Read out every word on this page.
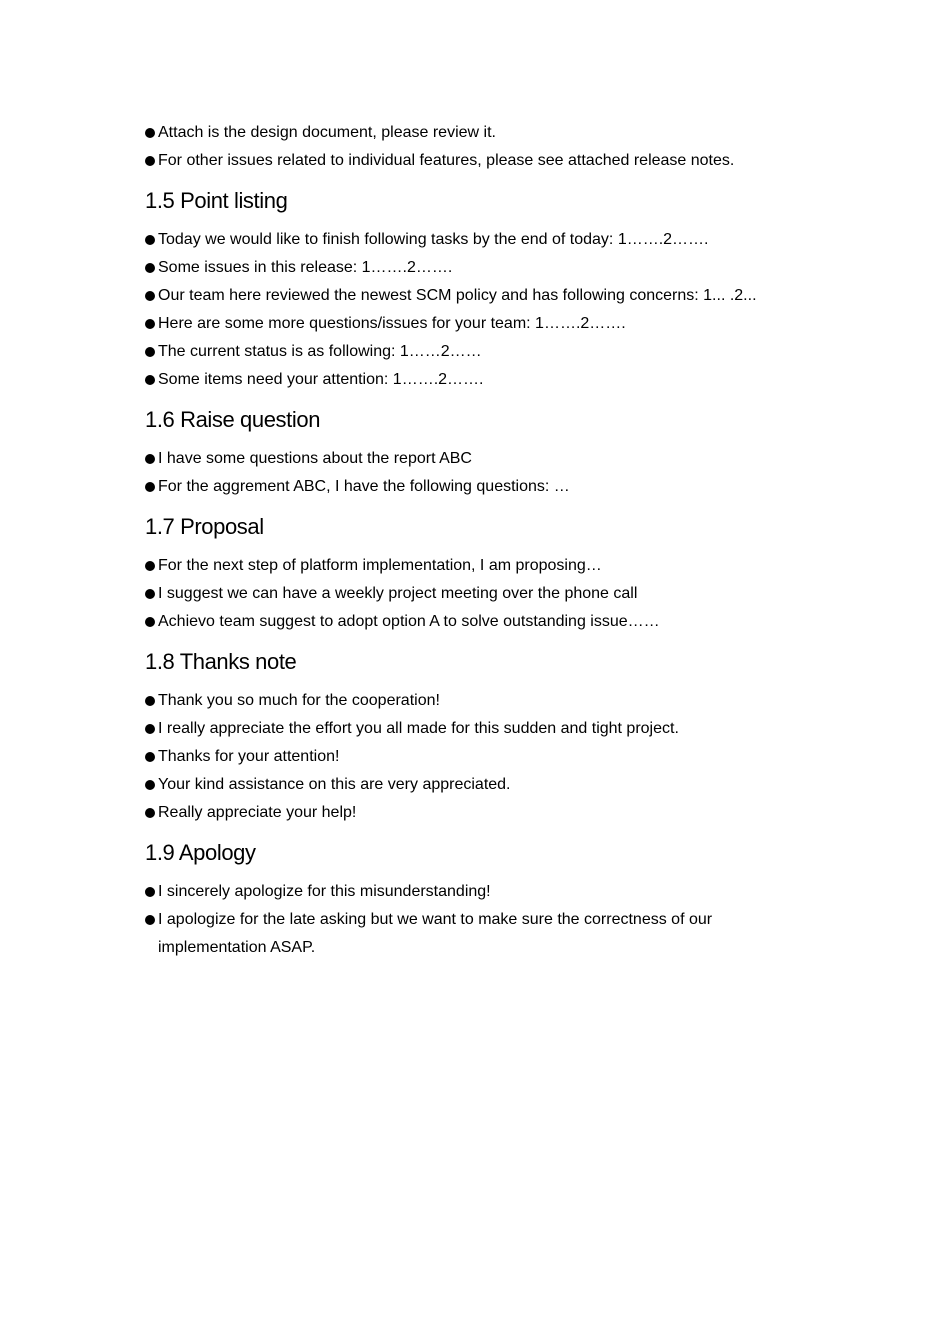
Attach is the design document, please review it.
For other issues related to individual features, please see attached release notes.
1.5 Point listing
Today we would like to finish following tasks by the end of today: 1…….2…….
Some issues in this release: 1…….2…….
Our team here reviewed the newest SCM policy and has following concerns: 1... .2...
Here are some more questions/issues for your team: 1…….2…….
The current status is as following: 1……2……
Some items need your attention: 1…….2…….
1.6 Raise question
I have some questions about the report ABC
For the aggrement ABC, I have the following questions: …
1.7 Proposal
For the next step of platform implementation, I am proposing…
I suggest we can have a weekly project meeting over the phone call
Achievo team suggest to adopt option A to solve outstanding issue……
1.8 Thanks note
Thank you so much for the cooperation!
I really appreciate the effort you all made for this sudden and tight project.
Thanks for your attention!
Your kind assistance on this are very appreciated.
Really appreciate your help!
1.9 Apology
I sincerely apologize for this misunderstanding!
I apologize for the late asking but we want to make sure the correctness of our implementation ASAP.
